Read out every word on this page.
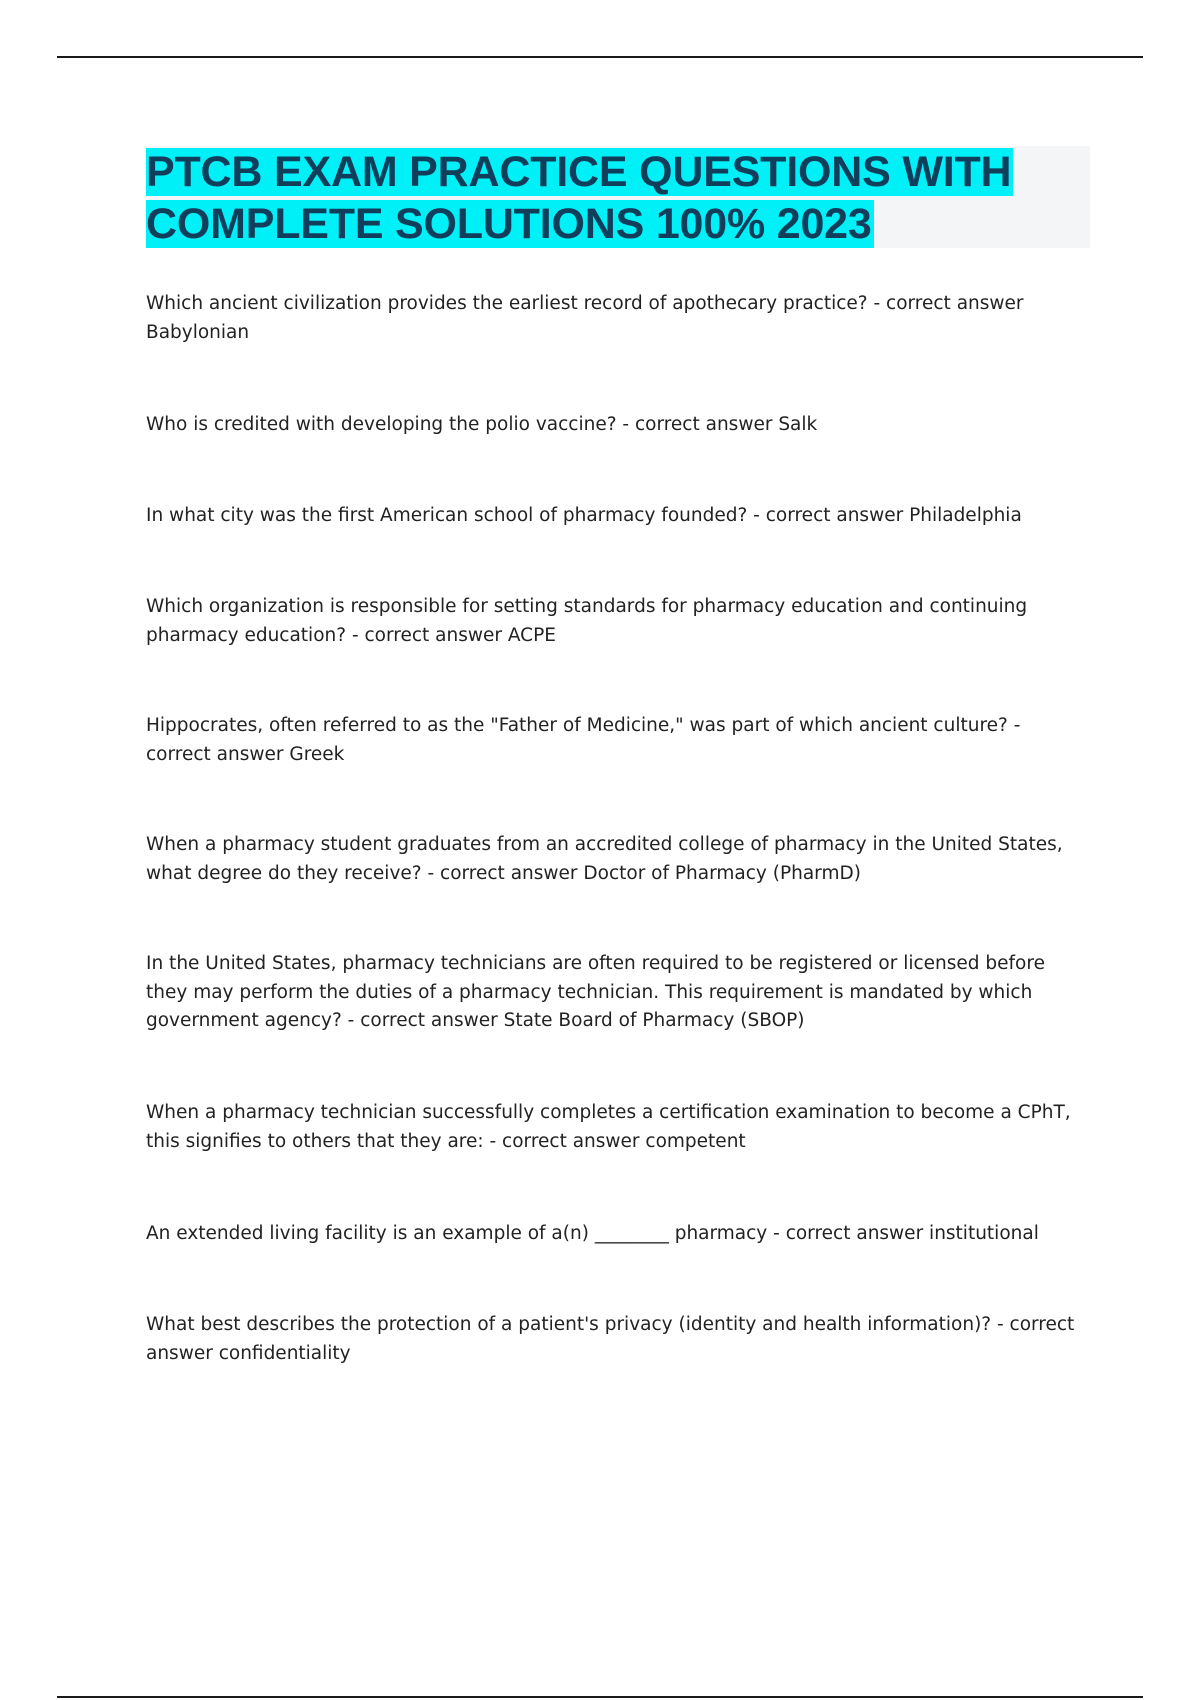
PTCB EXAM PRACTICE QUESTIONS WITH COMPLETE SOLUTIONS 100% 2023
Which ancient civilization provides the earliest record of apothecary practice? - correct answer Babylonian
Who is credited with developing the polio vaccine? - correct answer Salk
In what city was the first American school of pharmacy founded? - correct answer Philadelphia
Which organization is responsible for setting standards for pharmacy education and continuing pharmacy education? - correct answer ACPE
Hippocrates, often referred to as the "Father of Medicine," was part of which ancient culture? - correct answer Greek
When a pharmacy student graduates from an accredited college of pharmacy in the United States, what degree do they receive? - correct answer Doctor of Pharmacy (PharmD)
In the United States, pharmacy technicians are often required to be registered or licensed before they may perform the duties of a pharmacy technician. This requirement is mandated by which government agency? - correct answer State Board of Pharmacy (SBOP)
When a pharmacy technician successfully completes a certification examination to become a CPhT, this signifies to others that they are: - correct answer competent
An extended living facility is an example of a(n) ________ pharmacy - correct answer institutional
What best describes the protection of a patient's privacy (identity and health information)? - correct answer confidentiality
